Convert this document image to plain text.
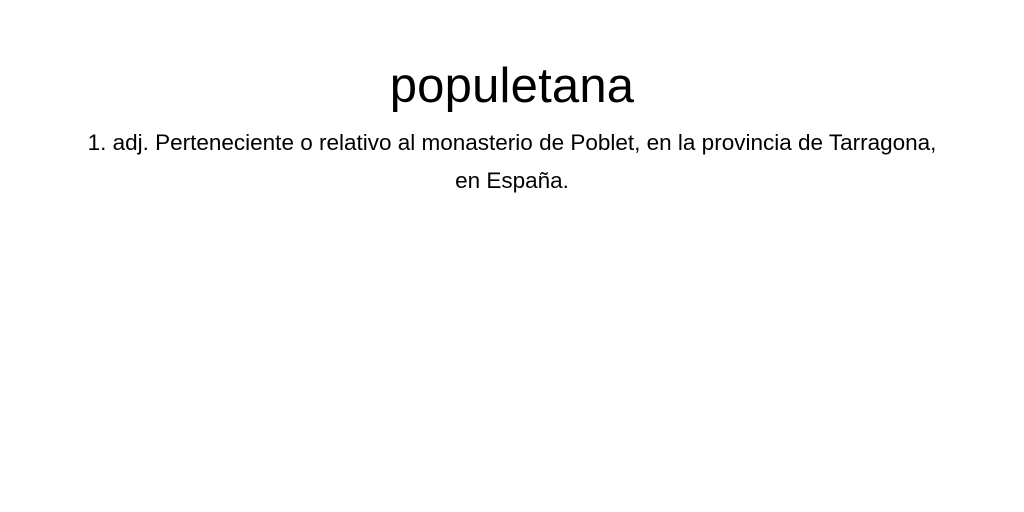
populetana

1. adj. Perteneciente o relativo al monasterio de Poblet, en la provincia de Tarragona, en España.
